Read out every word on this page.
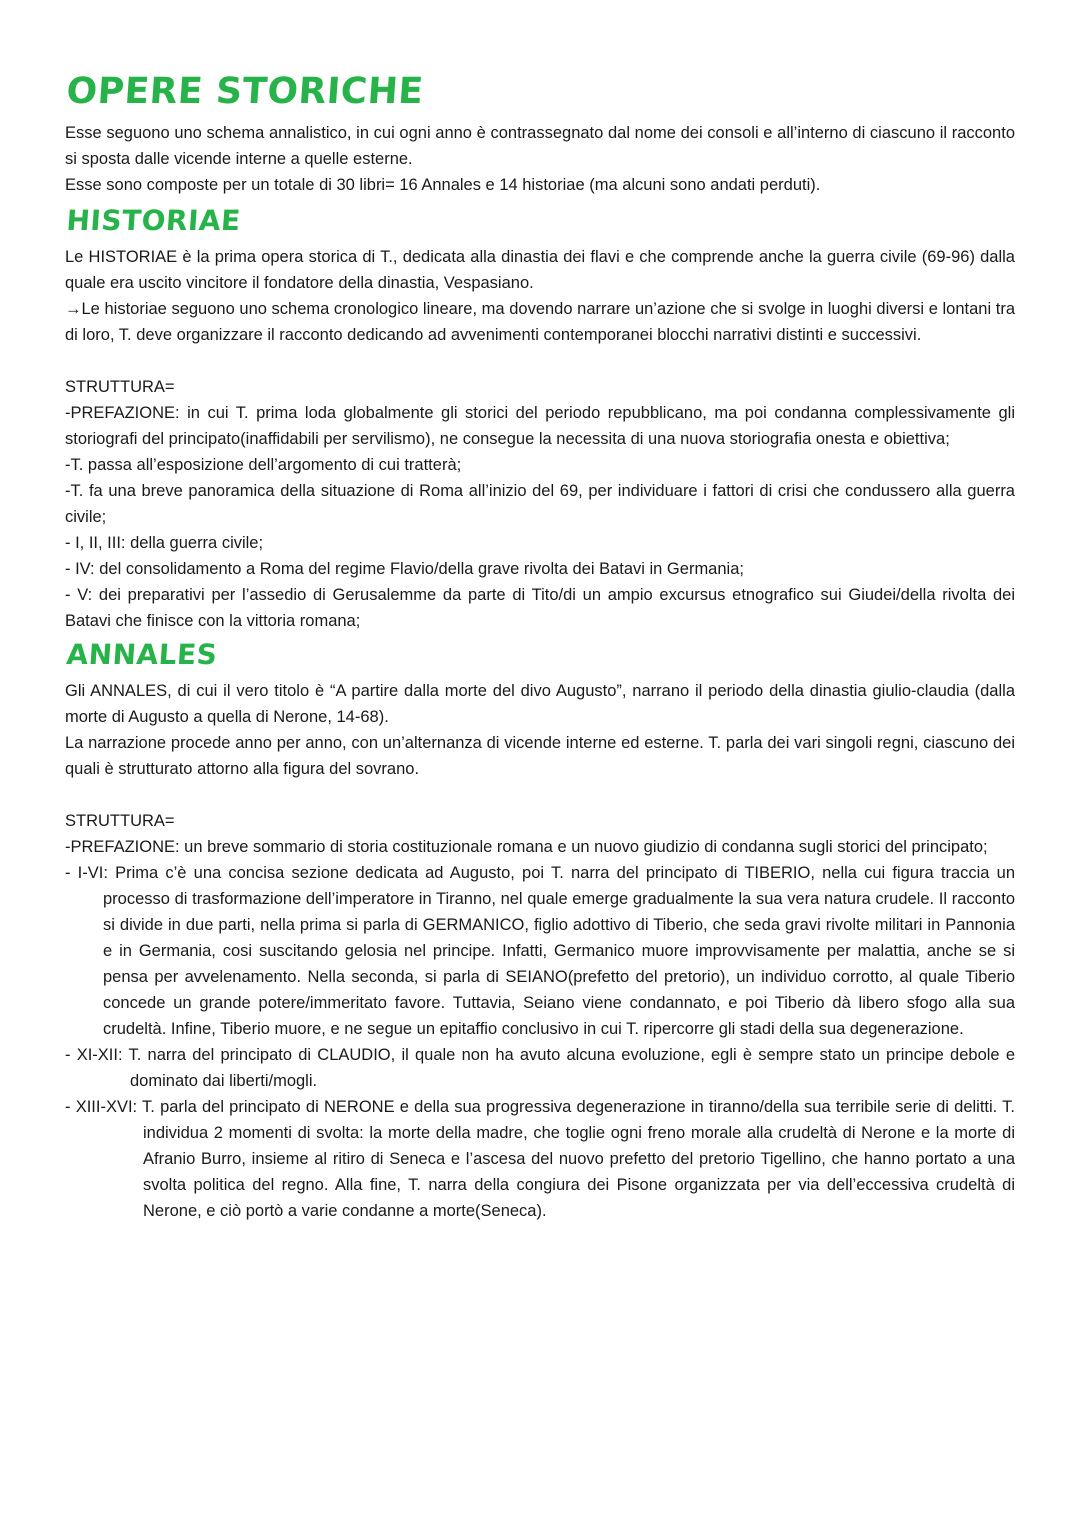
OPERE STORICHE

Esse seguono uno schema annalistico, in cui ogni anno è contrassegnato dal nome dei consoli e all’interno di ciascuno il racconto si sposta dalle vicende interne a quelle esterne.

Esse sono composte per un totale di 30 libri= 16 Annales e 14 historiae (ma alcuni sono andati perduti).

HISTORIAE

Le HISTORIAE è la prima opera storica di T., dedicata alla dinastia dei flavi e che comprende anche la guerra civile (69-96) dalla quale era uscito vincitore il fondatore della dinastia, Vespasiano.

→Le historiae seguono uno schema cronologico lineare, ma dovendo narrare un’azione che si svolge in luoghi diversi e lontani tra di loro, T. deve organizzare il racconto dedicando ad avvenimenti contemporanei blocchi narrativi distinti e successivi.

STRUTTURA=

-PREFAZIONE: in cui T. prima loda globalmente gli storici del periodo repubblicano, ma poi condanna complessivamente gli storiografi del principato(inaffidabili per servilismo), ne consegue la necessita di una nuova storiografia onesta e obiettiva;

-T. passa all’esposizione dell’argomento di cui tratterà;

-T. fa una breve panoramica della situazione di Roma all’inizio del 69, per individuare i fattori di crisi che condussero alla guerra civile;

- I, II, III: della guerra civile;

- IV: del consolidamento a Roma del regime Flavio/della grave rivolta dei Batavi in Germania;

- V: dei preparativi per l’assedio di Gerusalemme da parte di Tito/di un ampio excursus etnografico sui Giudei/della rivolta dei Batavi che finisce con la vittoria romana;

ANNALES

Gli ANNALES, di cui il vero titolo è “A partire dalla morte del divo Augusto”, narrano il periodo della dinastia giulio-claudia (dalla morte di Augusto a quella di Nerone, 14-68).

La narrazione procede anno per anno, con un’alternanza di vicende interne ed esterne. T. parla dei vari singoli regni, ciascuno dei quali è strutturato attorno alla figura del sovrano.

STRUTTURA=

-PREFAZIONE: un breve sommario di storia costituzionale romana e un nuovo giudizio di condanna sugli storici del principato;

- I-VI: Prima c’è una concisa sezione dedicata ad Augusto, poi T. narra del principato di TIBERIO, nella cui figura traccia un processo di trasformazione dell’imperatore in Tiranno, nel quale emerge gradualmente la sua vera natura crudele. Il racconto si divide in due parti, nella prima si parla di GERMANICO, figlio adottivo di Tiberio, che seda gravi rivolte militari in Pannonia e in Germania, cosi suscitando gelosia nel principe. Infatti, Germanico muore improvvisamente per malattia, anche se si pensa per avvelenamento. Nella seconda, si parla di SEIANO(prefetto del pretorio), un individuo corrotto, al quale Tiberio concede un grande potere/immeritato favore. Tuttavia, Seiano viene condannato, e poi Tiberio dà libero sfogo alla sua crudeltà. Infine, Tiberio muore, e ne segue un epitaffio conclusivo in cui T. ripercorre gli stadi della sua degenerazione.

- XI-XII: T. narra del principato di CLAUDIO, il quale non ha avuto alcuna evoluzione, egli è sempre stato un principe debole e dominato dai liberti/mogli.

- XIII-XVI: T. parla del principato di NERONE e della sua progressiva degenerazione in tiranno/della sua terribile serie di delitti. T. individua 2 momenti di svolta: la morte della madre, che toglie ogni freno morale alla crudeltà di Nerone e la morte di Afranio Burro, insieme al ritiro di Seneca e l’ascesa del nuovo prefetto del pretorio Tigellino, che hanno portato a una svolta politica del regno. Alla fine, T. narra della congiura dei Pisone organizzata per via dell’eccessiva crudeltà di Nerone, e ciò portò a varie condanne a morte(Seneca).
